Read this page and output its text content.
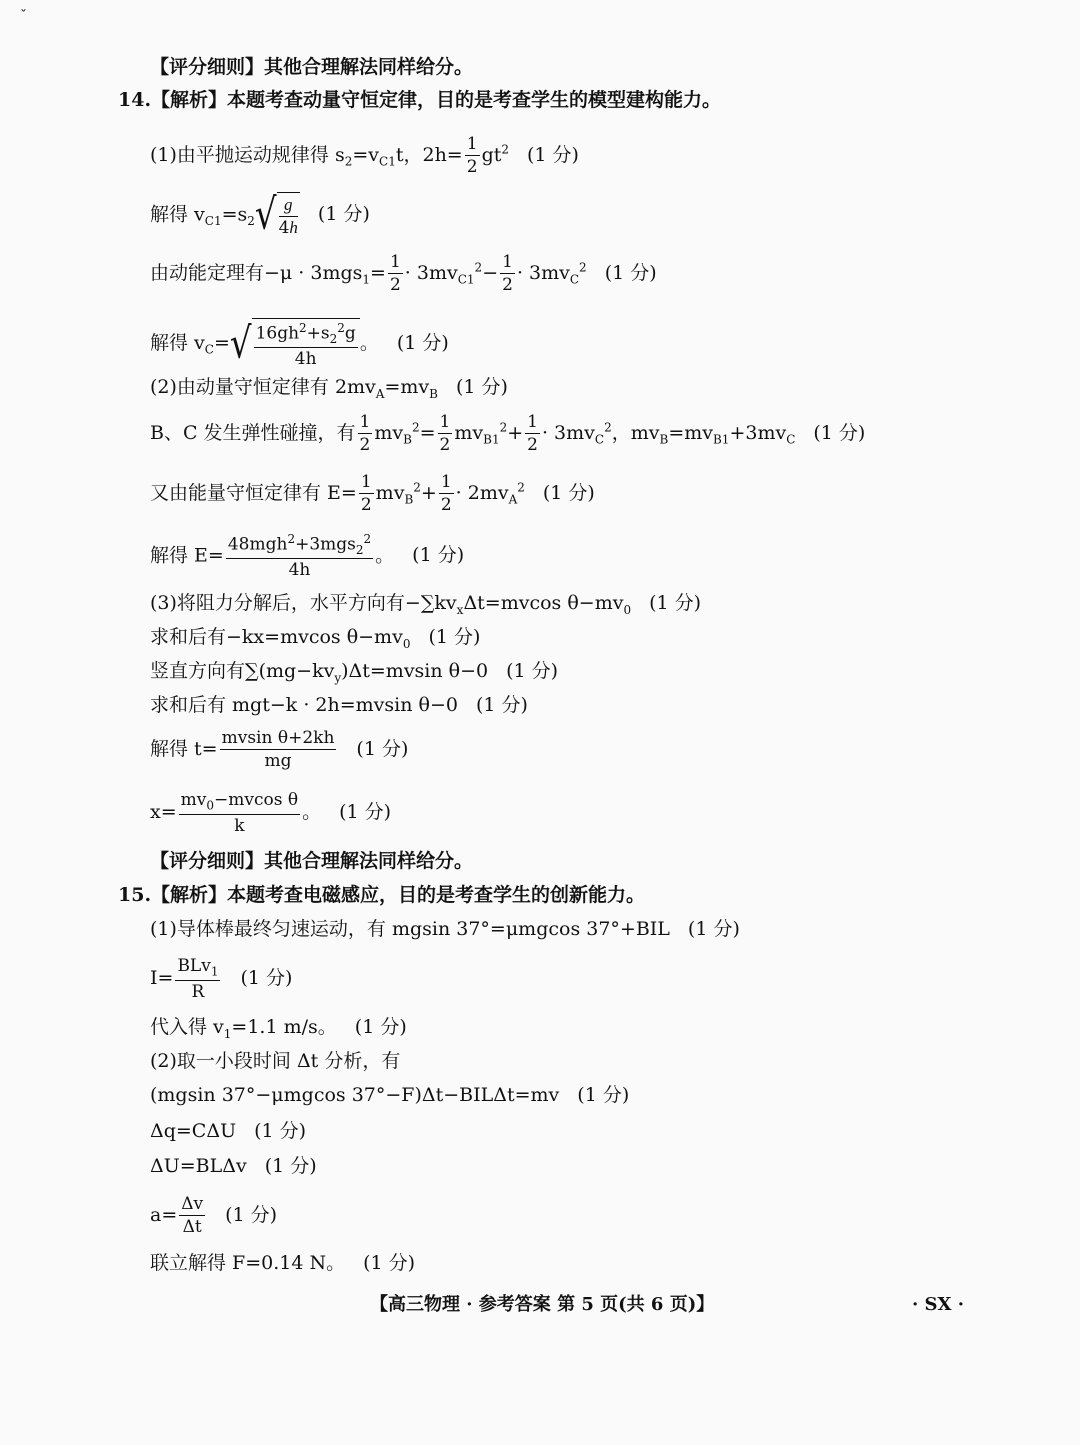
ˇ
【评分细则】其他合理解法同样给分。
14.【解析】本题考查动量守恒定律，目的是考查学生的模型建构能力。
(1)由平抛运动规律得 $s_2=v_{C1}t$，$2h= \frac{1}{2} gt^2$ (1 分)
解得 $v_{C1}=s_2√ \frac{g}{4h} (1$ 分)
由动能定理有$-\mu \cdot 3mgs_1= \frac{1}{2} \cdot 3mv_{C1}^2- \frac{1}{2} \cdot 3mv_C^2$ (1 分)
解得 $v_C=√ \frac{16gh^2+s_2^2g}{4h}$ 。 (1 分)
(2)由动量守恒定律有 $2mv_A=mv_B$ (1 分)
B、C 发生弹性碰撞，有 $\frac{1}{2} mv_B^2= \frac{1}{2} mv_{B1}^2+ \frac{1}{2} \cdot 3mv_C^2$，$mv_B=mv_{B1}+3mv_C$ (1 分)
又由能量守恒定律有 $E= \frac{1}{2} mv_B^2+ \frac{1}{2} \cdot 2mv_A^2$ (1 分)
解得 $E= \frac{48mgh^2+3mgs_2^2}{4h}$ 。 (1 分)
(3)将阻力分解后，水平方向有$-\sum kv_x\Delta t=mvcos$ $\theta-mv_0$ (1 分)
求和后有−kx=mvcos $\theta-mv_0$ (1 分)
竖直方向有$\sum(mg-kv_y)\Delta t=mvsin$ θ−0 (1 分)
求和后有 mgt−k · 2h=mvsin θ−0 (1 分)
解得 $t= \frac{\text{mvsin θ+2kh}}{mg} (1$ 分)
$x= \frac{mv_0-mvcos \theta}{k}$ 。 (1 分)
【评分细则】其他合理解法同样给分。
15.【解析】本题考查电磁感应，目的是考查学生的创新能力。
(1)导体棒最终匀速运动，有 mgsin 37°=μmgcos 37°+BIL (1 分)
$I= \frac{BLv_1}{R} (1$ 分)
代入得 $v_1=1.1$ m/s。 (1 分)
(2)取一小段时间 Δt 分析，有
(mgsin 37°−μmgcos 37°−F)Δt−BILΔt=mv (1 分)
Δq=CΔU (1 分)
ΔU=BLΔv (1 分)
$a= \frac{\Delta v}{\Delta t} (1$ 分)
联立解得 F=0.14 N。 (1 分)
【高三物理 · 参考答案 第 5 页(共 6 页)】	· SX ·
